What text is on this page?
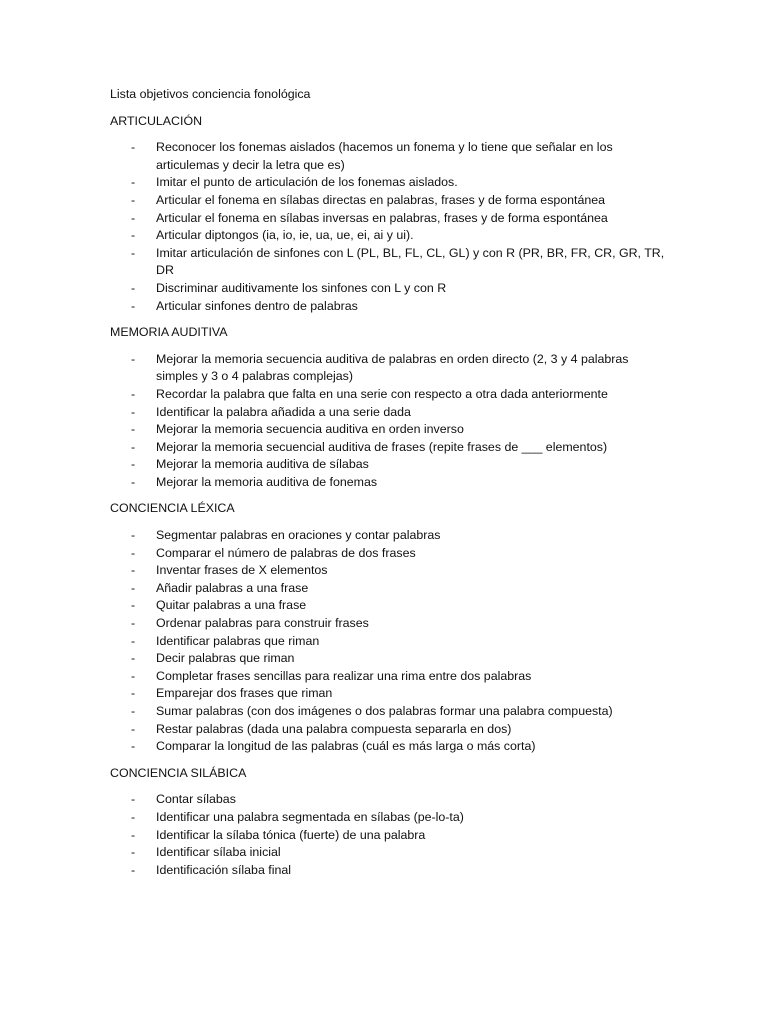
Lista objetivos conciencia fonológica

ARTICULACIÓN

- Reconocer los fonemas aislados (hacemos un fonema y lo tiene que señalar en los articulemas y decir la letra que es)
- Imitar el punto de articulación de los fonemas aislados.
- Articular el fonema en sílabas directas en palabras, frases y de forma espontánea
- Articular el fonema en sílabas inversas en palabras, frases y de forma espontánea
- Articular diptongos (ia, io, ie, ua, ue, ei, ai y ui).
- Imitar articulación de sinfones con L (PL, BL, FL, CL, GL) y con R (PR, BR, FR, CR, GR, TR, DR
- Discriminar auditivamente los sinfones con L y con R
- Articular sinfones dentro de palabras

MEMORIA AUDITIVA

- Mejorar la memoria secuencia auditiva de palabras en orden directo (2, 3 y 4 palabras simples y 3 o 4 palabras complejas)
- Recordar la palabra que falta en una serie con respecto a otra dada anteriormente
- Identificar la palabra añadida a una serie dada
- Mejorar la memoria secuencia auditiva en orden inverso
- Mejorar la memoria secuencial auditiva de frases (repite frases de ___ elementos)
- Mejorar la memoria auditiva de sílabas
- Mejorar la memoria auditiva de fonemas

CONCIENCIA LÉXICA

- Segmentar palabras en oraciones y contar palabras
- Comparar el número de palabras de dos frases
- Inventar frases de X elementos
- Añadir palabras a una frase
- Quitar palabras a una frase
- Ordenar palabras para construir frases
- Identificar palabras que riman
- Decir palabras que riman
- Completar frases sencillas para realizar una rima entre dos palabras
- Emparejar dos frases que riman
- Sumar palabras (con dos imágenes o dos palabras formar una palabra compuesta)
- Restar palabras (dada una palabra compuesta separarla en dos)
- Comparar la longitud de las palabras (cuál es más larga o más corta)

CONCIENCIA SILÁBICA

- Contar sílabas
- Identificar una palabra segmentada en sílabas (pe-lo-ta)
- Identificar la sílaba tónica (fuerte) de una palabra
- Identificar sílaba inicial
- Identificación sílaba final
